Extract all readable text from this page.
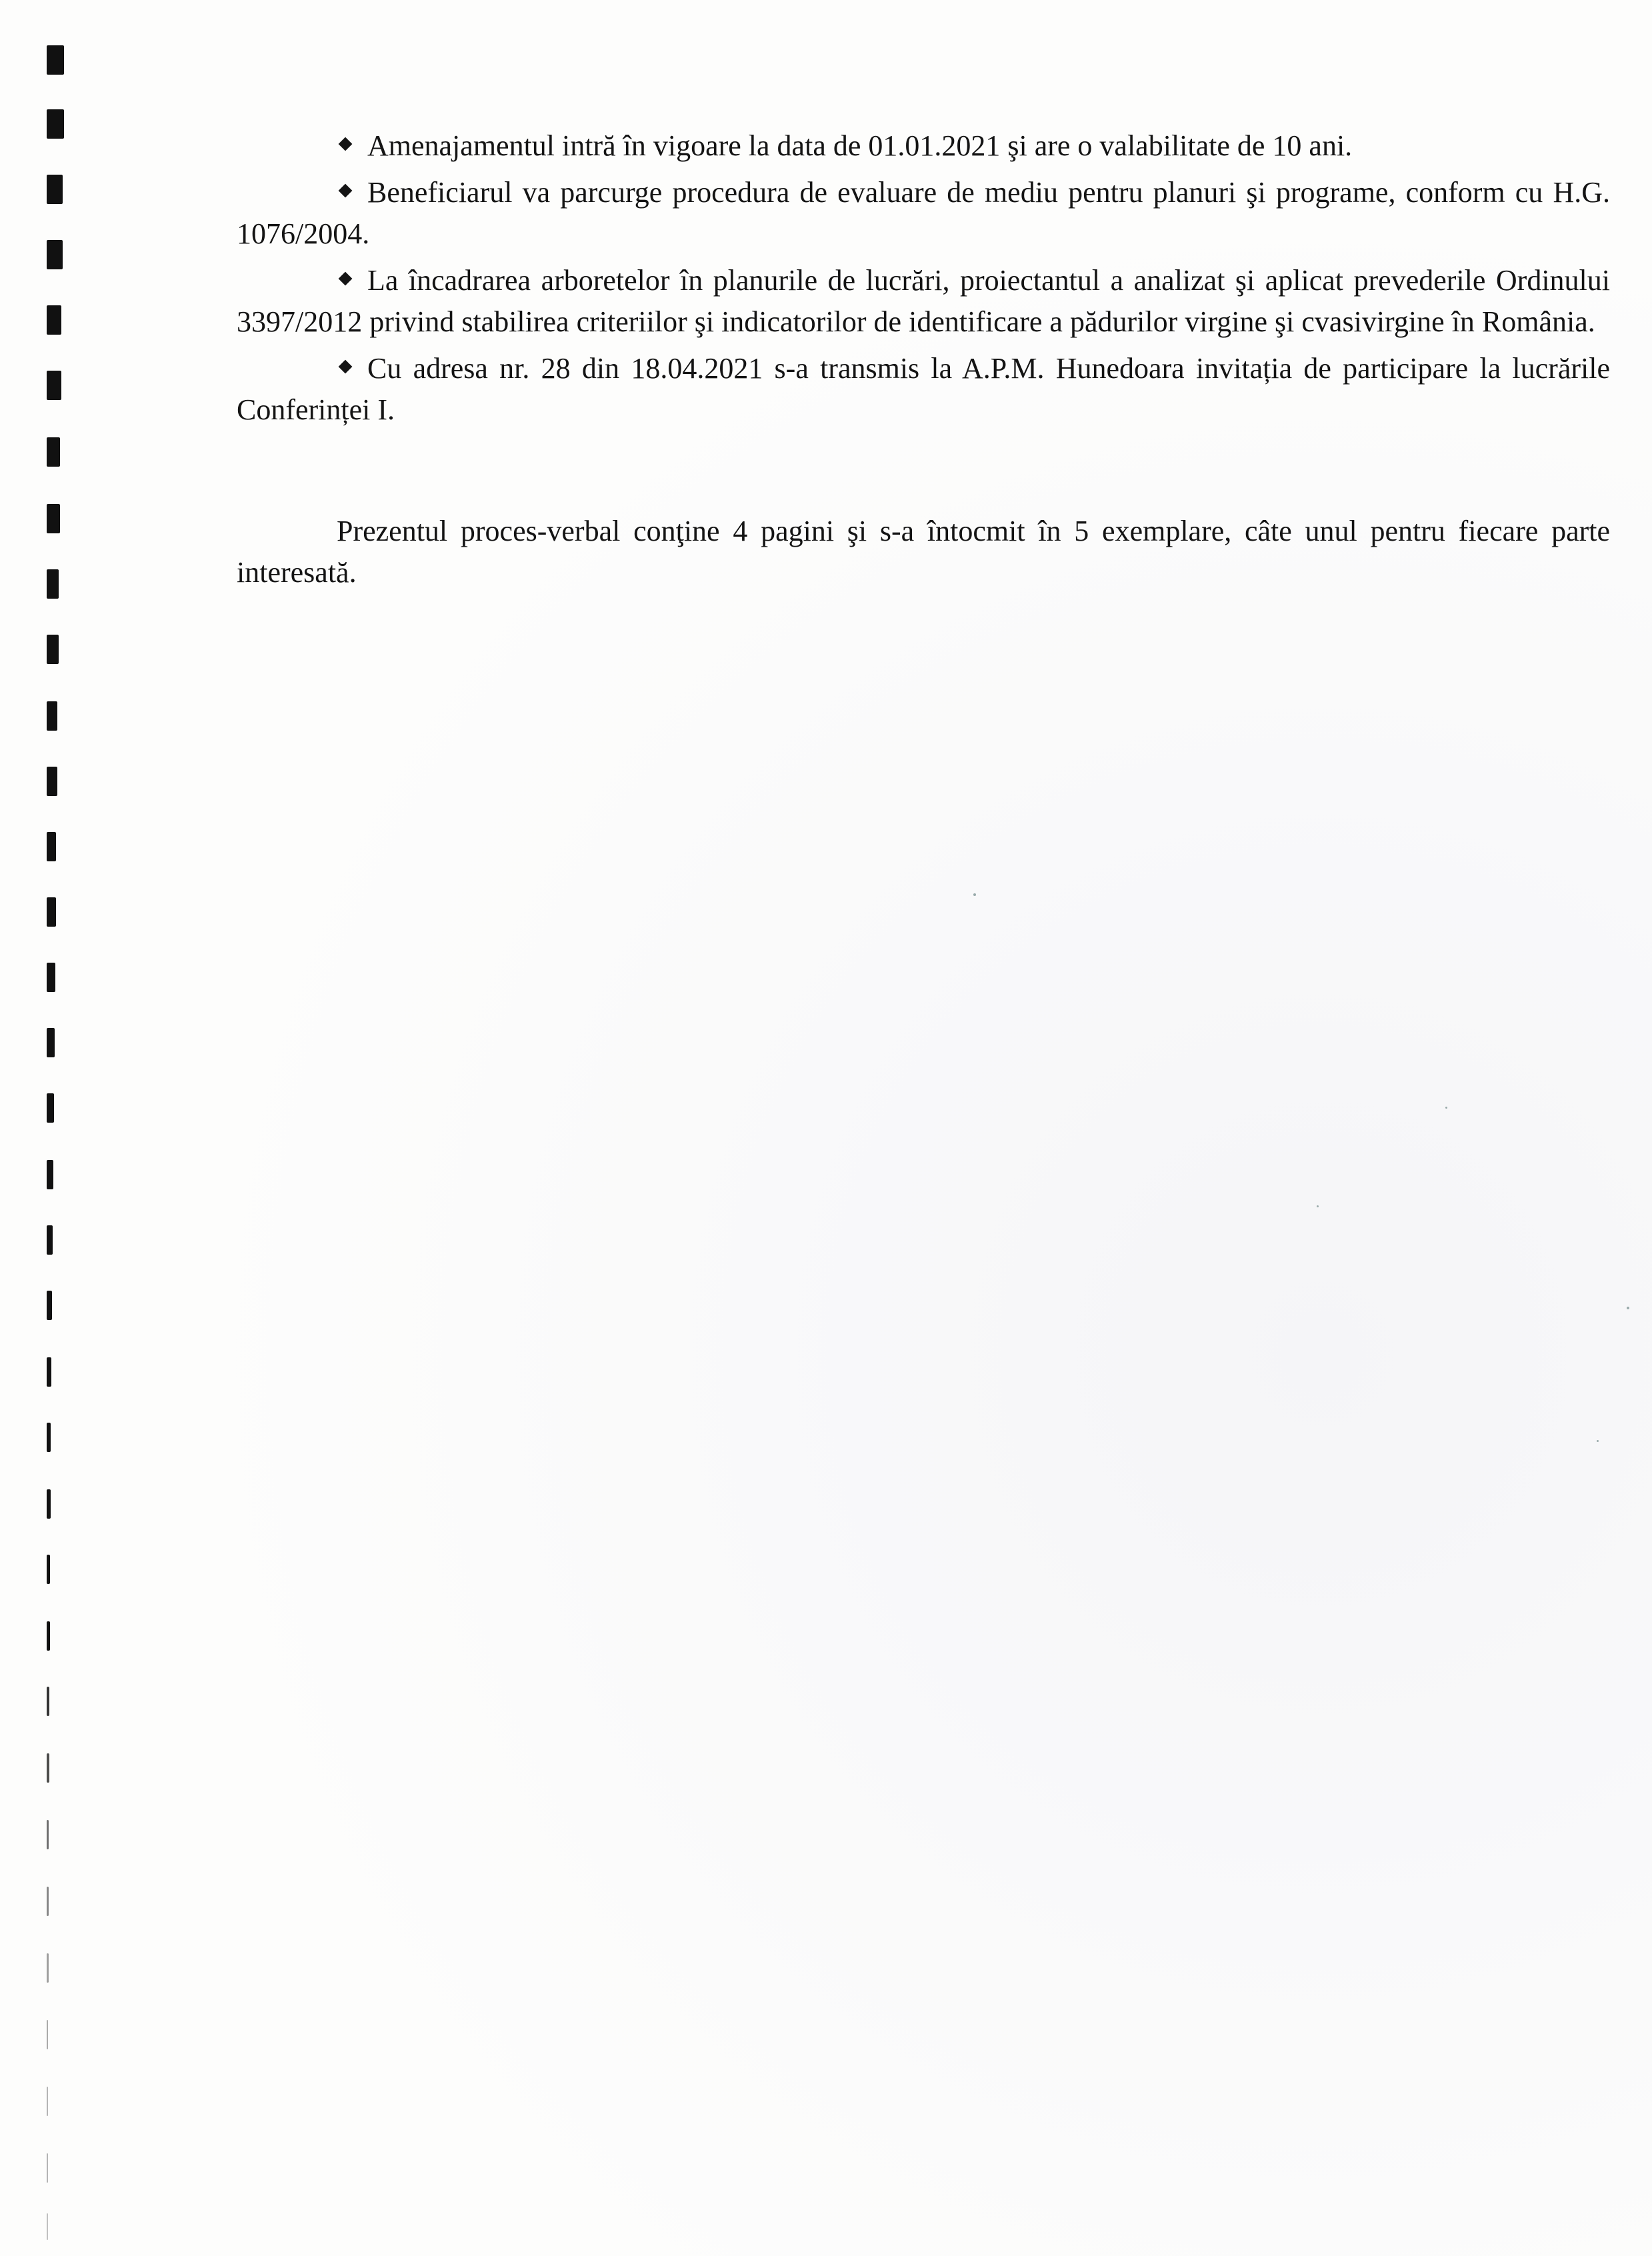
Amenajamentul intră în vigoare la data de 01.01.2021 şi are o valabilitate de 10 ani.

Beneficiarul va parcurge procedura de evaluare de mediu pentru planuri şi programe, conform cu H.G. 1076/2004.

La încadrarea arboretelor în planurile de lucrări, proiectantul a analizat şi aplicat prevederile Ordinului 3397/2012 privind stabilirea criteriilor şi indicatorilor de identificare a pădurilor virgine şi cvasivirgine în România.

Cu adresa nr. 28 din 18.04.2021 s-a transmis la A.P.M. Hunedoara invitația de participare la lucrările Conferinței I.

Prezentul proces-verbal conţine 4 pagini şi s-a întocmit în 5 exemplare, câte unul pentru fiecare parte interesată.
